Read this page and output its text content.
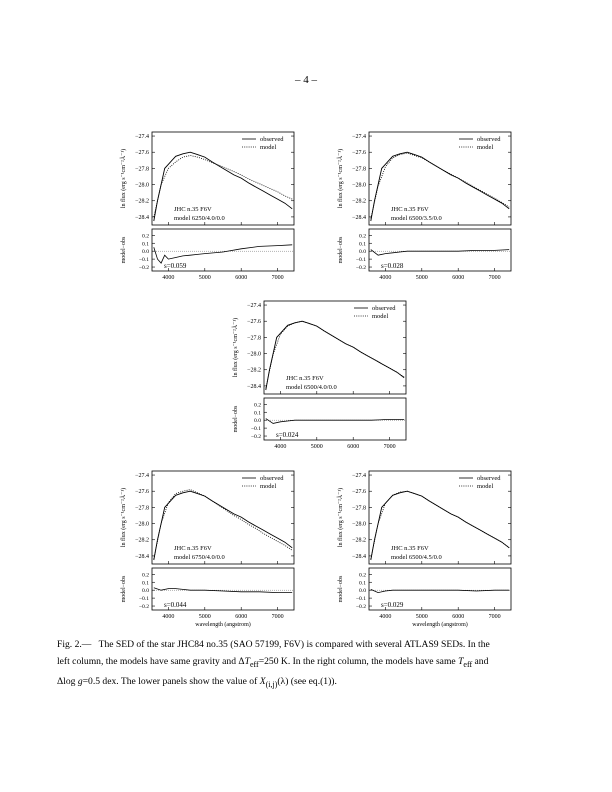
– 4 –
−27.4
−27.6
−27.8
−28.0
−28.2
−28.4
0.2
0.1
0.0
−0.1
−0.2
4000	5000	6000	7000
ln flux (erg s⁻¹cm⁻²Å⁻¹)
model−obs
observed
model
JHC n.35 F6V
model 6250/4.0/0.0
s=0.059
−27.4
−27.6
−27.8
−28.0
−28.2
−28.4
0.2
0.1
0.0
−0.1
−0.2
4000	5000	6000	7000
ln flux (erg s⁻¹cm⁻²Å⁻¹)
model−obs
observed
model
JHC n.35 F6V
model 6500/3.5/0.0
s=0.028
−27.4
−27.6
−27.8
−28.0
−28.2
−28.4
0.2
0.1
0.0
−0.1
−0.2
4000	5000	6000	7000
ln flux (erg s⁻¹cm⁻²Å⁻¹)
model−obs
observed
model
JHC n.35 F6V
model 6500/4.0/0.0
s=0.024
−27.4
−27.6
−27.8
−28.0
−28.2
−28.4
0.2
0.1
0.0
−0.1
−0.2
4000	5000	6000	7000
ln flux (erg s⁻¹cm⁻²Å⁻¹)
model−obs
wavelength (angstrom)
observed
model
JHC n.35 F6V
model 6750/4.0/0.0
s=0.044
−27.4
−27.6
−27.8
−28.0
−28.2
−28.4
0.2
0.1
0.0
−0.1
−0.2
4000	5000	6000	7000
ln flux (erg s⁻¹cm⁻²Å⁻¹)
model−obs
wavelength (angstrom)
observed
model
JHC n.35 F6V
model 6500/4.5/0.0
s=0.029
Fig. 2.— The SED of the star JHC84 no.35 (SAO 57199, F6V) is compared with several ATLAS9 SEDs. In the
left column, the models have same gravity and $\Delta T_{eff}=250$ K. In the right column, the models have same $T_{eff}$ and
Δlog g=0.5 dex. The lower panels show the value of $X_{(i,j)}(\lambda)$ (see eq.(1)).
